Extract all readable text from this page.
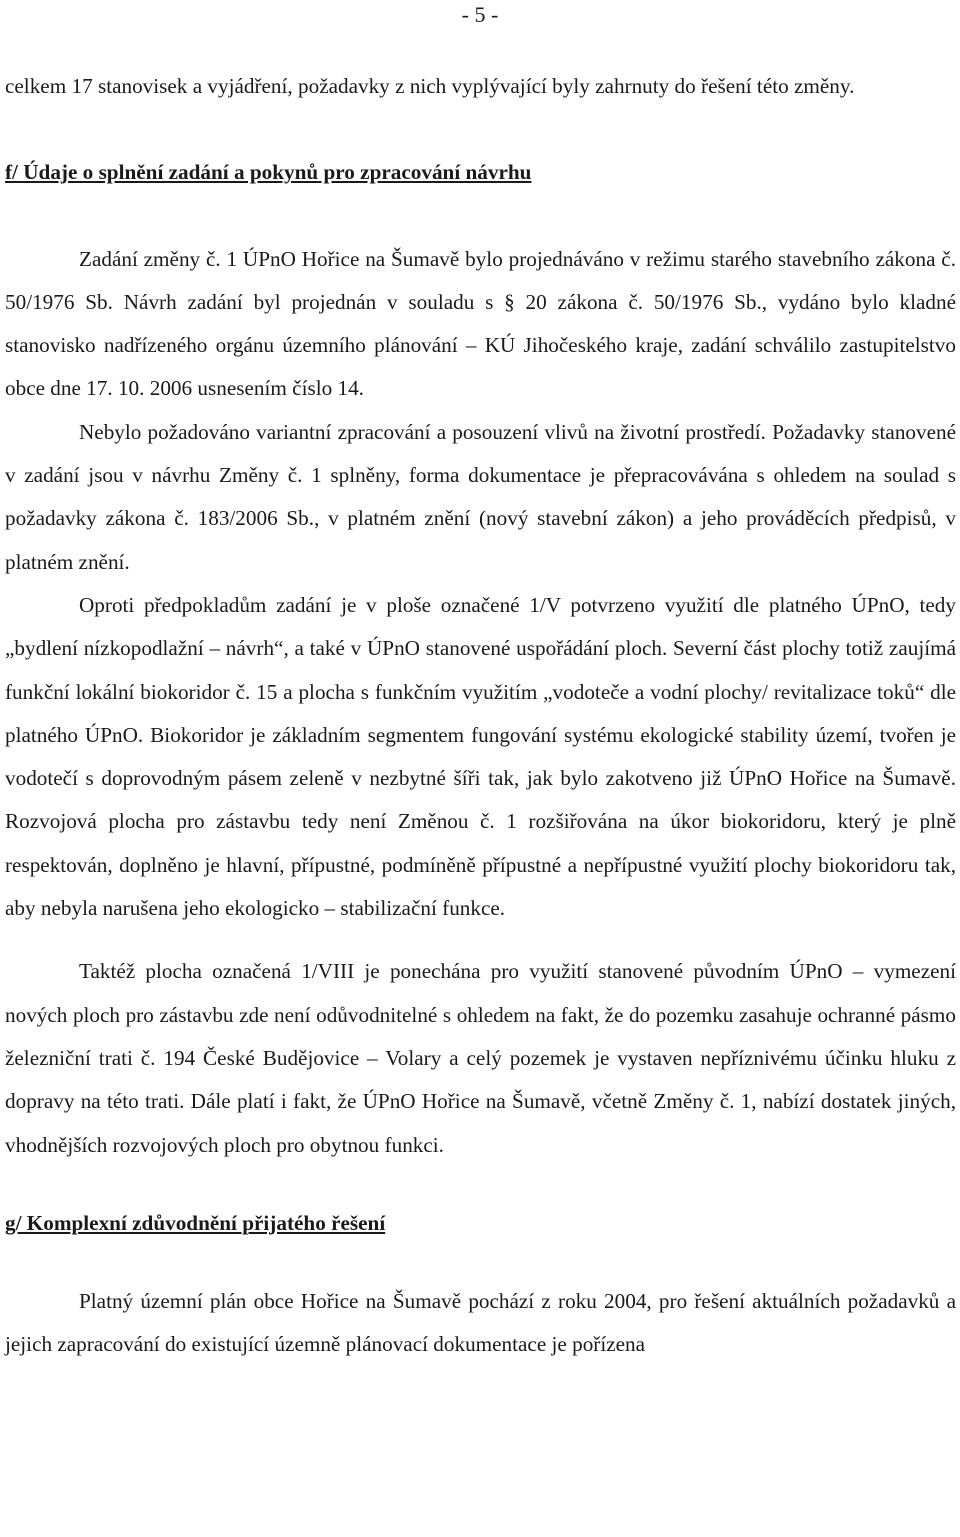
- 5 -

celkem 17 stanovisek a vyjádření, požadavky z nich vyplývající byly zahrnuty do řešení této změny.

f/ Údaje o splnění zadání a pokynů pro zpracování návrhu

Zadání změny č. 1 ÚPnO Hořice na Šumavě bylo projednáváno v režimu starého stavebního zákona č. 50/1976 Sb. Návrh zadání byl projednán v souladu s § 20 zákona č. 50/1976 Sb., vydáno bylo kladné stanovisko nadřízeného orgánu územního plánování – KÚ Jihočeského kraje, zadání schválilo zastupitelstvo obce dne 17. 10. 2006 usnesením číslo 14.

Nebylo požadováno variantní zpracování a posouzení vlivů na životní prostředí. Požadavky stanovené v zadání jsou v návrhu Změny č. 1 splněny, forma dokumentace je přepracovávána s ohledem na soulad s požadavky zákona č. 183/2006 Sb., v platném znění (nový stavební zákon) a jeho prováděcích předpisů, v platném znění.

Oproti předpokladům zadání je v ploše označené 1/V potvrzeno využití dle platného ÚPnO, tedy „bydlení nízkopodlažní – návrh“, a také v ÚPnO stanovené uspořádání ploch. Severní část plochy totiž zaujímá funkční lokální biokoridor č. 15 a plocha s funkčním využitím „vodoteče a vodní plochy/ revitalizace toků“ dle platného ÚPnO. Biokoridor je základním segmentem fungování systému ekologické stability území, tvořen je vodotečí s doprovodným pásem zeleně v nezbytné šíři tak, jak bylo zakotveno již ÚPnO Hořice na Šumavě. Rozvojová plocha pro zástavbu tedy není Změnou č. 1 rozšiřována na úkor biokoridoru, který je plně respektován, doplněno je hlavní, přípustné, podmíněně přípustné a nepřípustné využití plochy biokoridoru tak, aby nebyla narušena jeho ekologicko – stabilizační funkce.

Taktéž plocha označená 1/VIII je ponechána pro využití stanovené původním ÚPnO – vymezení nových ploch pro zástavbu zde není odůvodnitelné s ohledem na fakt, že do pozemku zasahuje ochranné pásmo železniční trati č. 194 České Budějovice – Volary a celý pozemek je vystaven nepříznivému účinku hluku z dopravy na této trati. Dále platí i fakt, že ÚPnO Hořice na Šumavě, včetně Změny č. 1, nabízí dostatek jiných, vhodnějších rozvojových ploch pro obytnou funkci.

g/ Komplexní zdůvodnění přijatého řešení

Platný územní plán obce Hořice na Šumavě pochází z roku 2004, pro řešení aktuálních požadavků a jejich zapracování do existující územně plánovací dokumentace je pořízena
